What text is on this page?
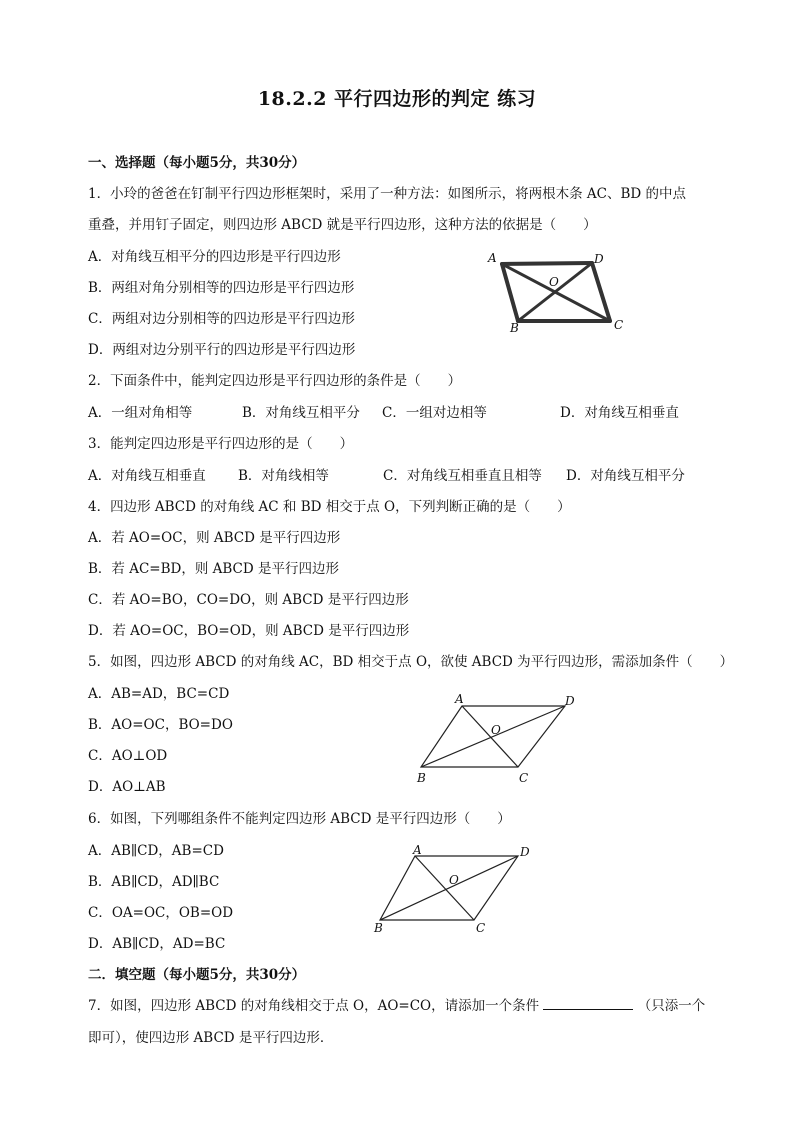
18.2.2 平行四边形的判定 练习
一、选择题（每小题5分，共30分）
1．小玲的爸爸在钉制平行四边形框架时，采用了一种方法：如图所示，将两根木条 AC、BD 的中点
重叠，并用钉子固定，则四边形 ABCD 就是平行四边形，这种方法的依据是（　　）
A．对角线互相平分的四边形是平行四边形
B．两组对角分别相等的四边形是平行四边形
C．两组对边分别相等的四边形是平行四边形
D．两组对边分别平行的四边形是平行四边形
A	D
B	C
O
2．下面条件中，能判定四边形是平行四边形的条件是（　　）
A．一组对角相等	B．对角线互相平分 C．一组对边相等	D．对角线互相垂直
3．能判定四边形是平行四边形的是（　　）
A．对角线互相垂直 B．对角线相等	C．对角线互相垂直且相等 D．对角线互相平分
4．四边形 ABCD 的对角线 AC 和 BD 相交于点 O，下列判断正确的是（　　）
A．若 AO=OC，则 ABCD 是平行四边形
B．若 AC=BD，则 ABCD 是平行四边形
C．若 AO=BO，CO=DO，则 ABCD 是平行四边形
D．若 AO=OC，BO=OD，则 ABCD 是平行四边形
5．如图，四边形 ABCD 的对角线 AC，BD 相交于点 O，欲使 ABCD 为平行四边形，需添加条件（　　）
A．AB=AD，BC=CD
B．AO=OC，BO=DO
C．AO⊥OD
D．AO⊥AB
A	D
B	C
O
6．如图，下列哪组条件不能判定四边形 ABCD 是平行四边形（　　）
A．AB∥CD，AB=CD
B．AB∥CD，AD∥BC
C．OA=OC，OB=OD
D．AB∥CD，AD=BC
A	D
B	C
O
二．填空题（每小题5分，共30分）
7．如图，四边形 ABCD 的对角线相交于点 O，AO=CO，请添加一个条件	（只添一个
即可），使四边形 ABCD 是平行四边形．
